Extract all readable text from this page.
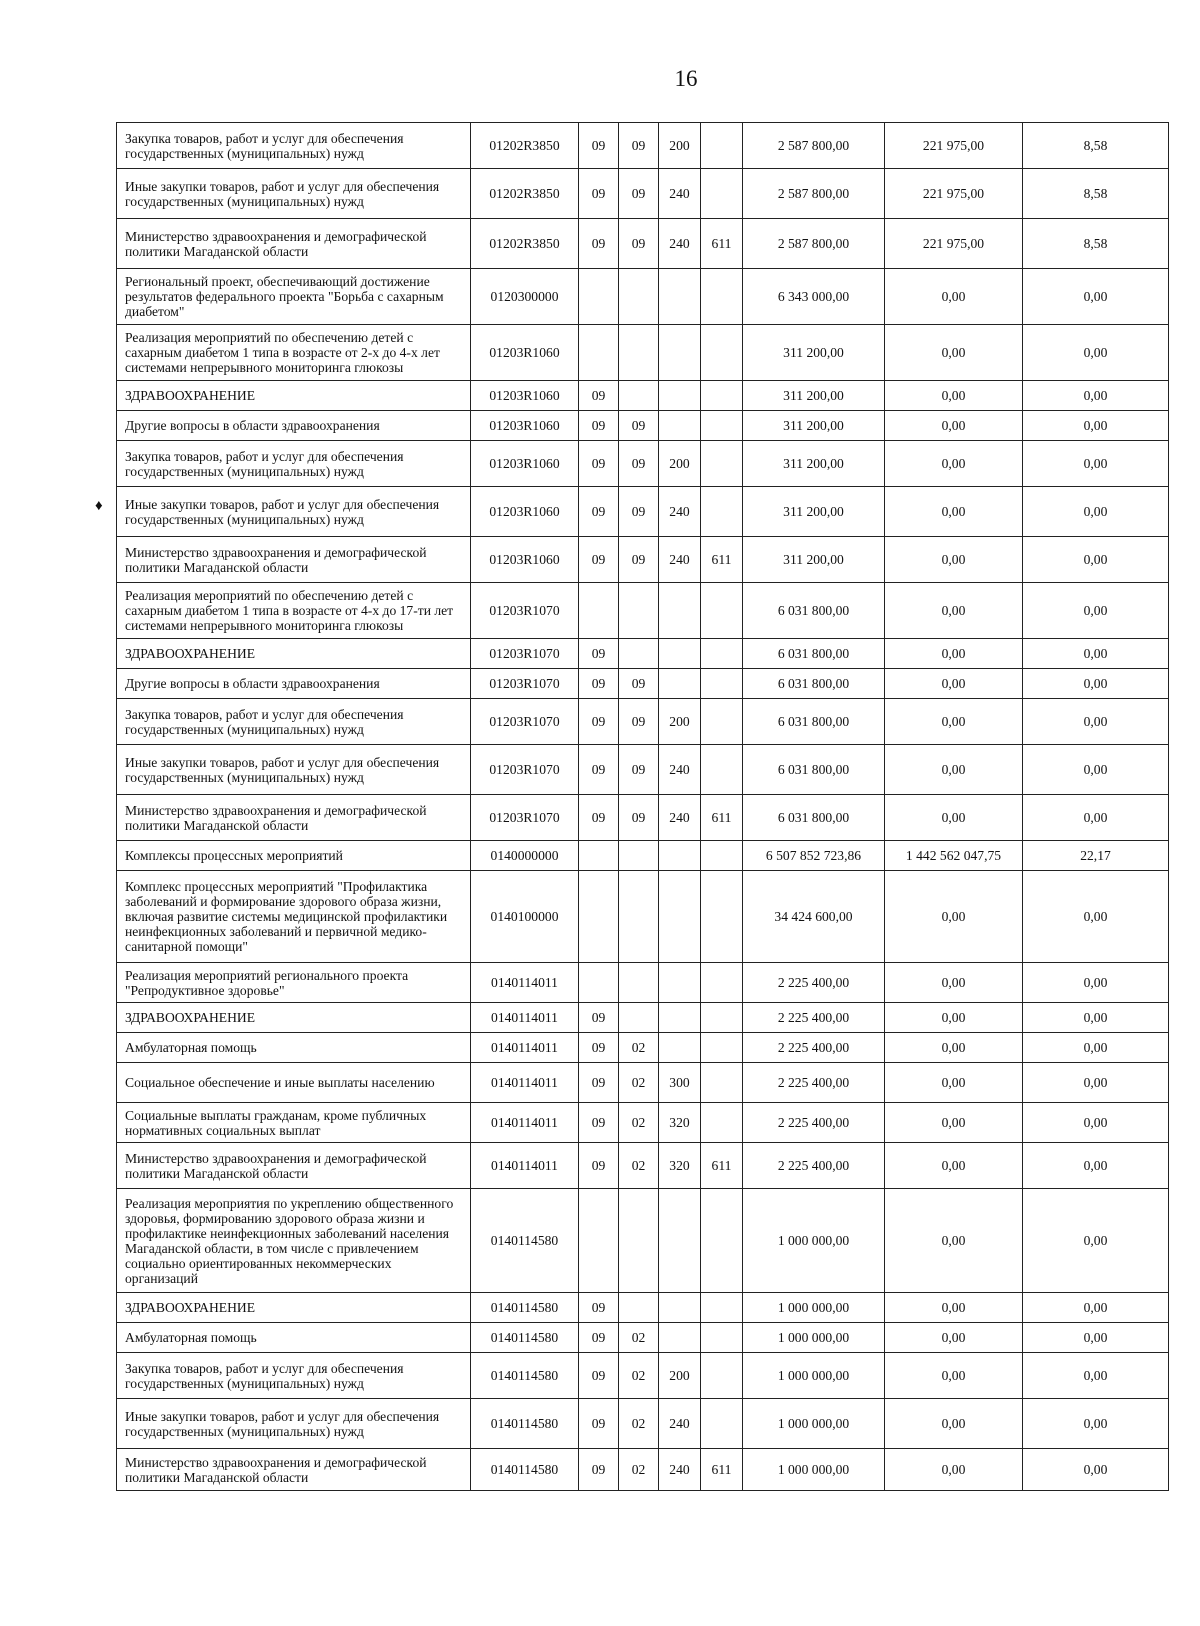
16
♦
Закупка товаров, работ и услуг для обеспечения государственных (муниципальных) нужд	01202R3850	09	09	200		2 587 800,00	221 975,00	8,58
Иные закупки товаров, работ и услуг для обеспечения государственных (муниципальных) нужд	01202R3850	09	09	240		2 587 800,00	221 975,00	8,58
Министерство здравоохранения и демографической политики Магаданской области	01202R3850	09	09	240	611	2 587 800,00	221 975,00	8,58
Региональный проект, обеспечивающий достижение результатов федерального проекта "Борьба с сахарным диабетом"	0120300000					6 343 000,00	0,00	0,00
Реализация мероприятий по обеспечению детей с сахарным диабетом 1 типа в возрасте от 2-х до 4-х лет системами непрерывного мониторинга глюкозы	01203R1060					311 200,00	0,00	0,00
ЗДРАВООХРАНЕНИЕ	01203R1060	09				311 200,00	0,00	0,00
Другие вопросы в области здравоохранения	01203R1060	09	09			311 200,00	0,00	0,00
Закупка товаров, работ и услуг для обеспечения государственных (муниципальных) нужд	01203R1060	09	09	200		311 200,00	0,00	0,00
Иные закупки товаров, работ и услуг для обеспечения государственных (муниципальных) нужд	01203R1060	09	09	240		311 200,00	0,00	0,00
Министерство здравоохранения и демографической политики Магаданской области	01203R1060	09	09	240	611	311 200,00	0,00	0,00
Реализация мероприятий по обеспечению детей с сахарным диабетом 1 типа в возрасте от 4-х до 17-ти лет системами непрерывного мониторинга глюкозы	01203R1070					6 031 800,00	0,00	0,00
ЗДРАВООХРАНЕНИЕ	01203R1070	09				6 031 800,00	0,00	0,00
Другие вопросы в области здравоохранения	01203R1070	09	09			6 031 800,00	0,00	0,00
Закупка товаров, работ и услуг для обеспечения государственных (муниципальных) нужд	01203R1070	09	09	200		6 031 800,00	0,00	0,00
Иные закупки товаров, работ и услуг для обеспечения государственных (муниципальных) нужд	01203R1070	09	09	240		6 031 800,00	0,00	0,00
Министерство здравоохранения и демографической политики Магаданской области	01203R1070	09	09	240	611	6 031 800,00	0,00	0,00
Комплексы процессных мероприятий	0140000000					6 507 852 723,86	1 442 562 047,75	22,17
Комплекс процессных мероприятий "Профилактика заболеваний и формирование здорового образа жизни, включая развитие системы медицинской профилактики неинфекционных заболеваний и первичной медико-санитарной помощи"	0140100000					34 424 600,00	0,00	0,00
Реализация мероприятий регионального проекта "Репродуктивное здоровье"	0140114011					2 225 400,00	0,00	0,00
ЗДРАВООХРАНЕНИЕ	0140114011	09				2 225 400,00	0,00	0,00
Амбулаторная помощь	0140114011	09	02			2 225 400,00	0,00	0,00
Социальное обеспечение и иные выплаты населению	0140114011	09	02	300		2 225 400,00	0,00	0,00
Социальные выплаты гражданам, кроме публичных нормативных социальных выплат	0140114011	09	02	320		2 225 400,00	0,00	0,00
Министерство здравоохранения и демографической политики Магаданской области	0140114011	09	02	320	611	2 225 400,00	0,00	0,00
Реализация мероприятия по укреплению общественного здоровья, формированию здорового образа жизни и профилактике неинфекционных заболеваний населения Магаданской области, в том числе с привлечением социально ориентированных некоммерческих организаций	0140114580					1 000 000,00	0,00	0,00
ЗДРАВООХРАНЕНИЕ	0140114580	09				1 000 000,00	0,00	0,00
Амбулаторная помощь	0140114580	09	02			1 000 000,00	0,00	0,00
Закупка товаров, работ и услуг для обеспечения государственных (муниципальных) нужд	0140114580	09	02	200		1 000 000,00	0,00	0,00
Иные закупки товаров, работ и услуг для обеспечения государственных (муниципальных) нужд	0140114580	09	02	240		1 000 000,00	0,00	0,00
Министерство здравоохранения и демографической политики Магаданской области	0140114580	09	02	240	611	1 000 000,00	0,00	0,00
